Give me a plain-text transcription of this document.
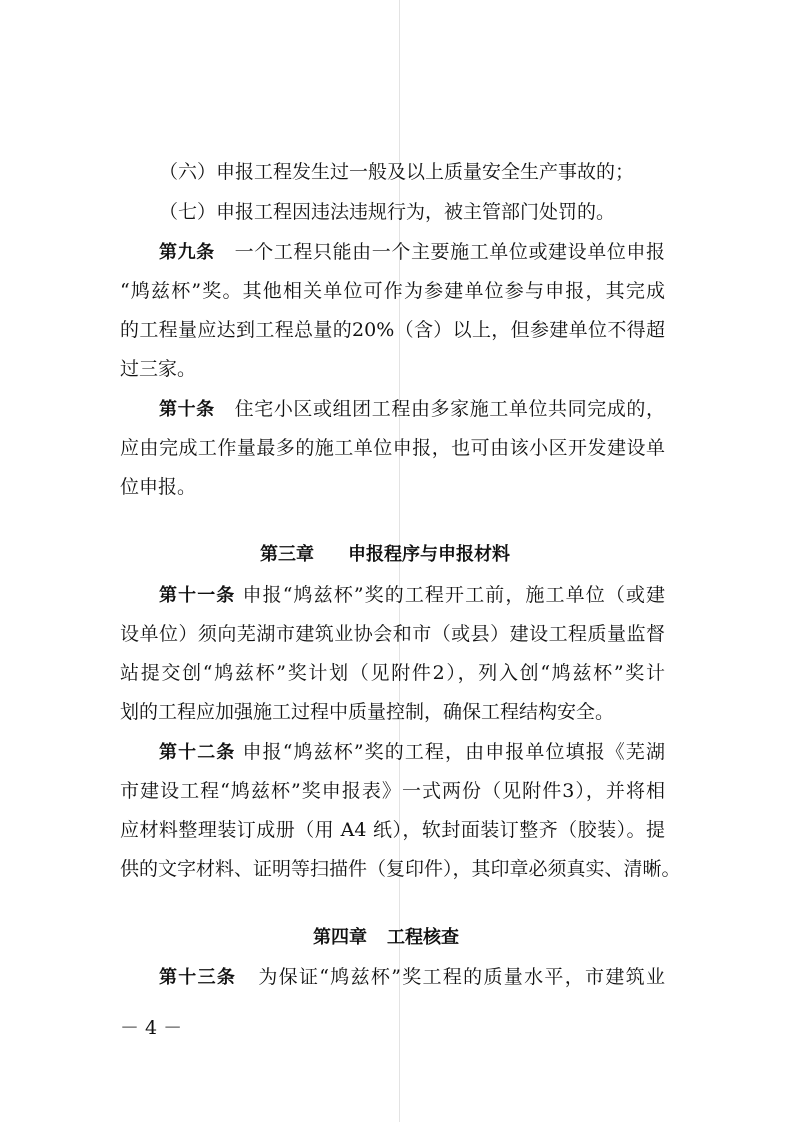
（六）申报工程发生过一般及以上质量安全生产事故的；
（七）申报工程因违法违规行为，被主管部门处罚的。
第九条 一个工程只能由一个主要施工单位或建设单位申报
“鸠兹杯”奖。其他相关单位可作为参建单位参与申报，其完成
的工程量应达到工程总量的20%（含）以上，但参建单位不得超
过三家。
第十条 住宅小区或组团工程由多家施工单位共同完成的，
应由完成工作量最多的施工单位申报，也可由该小区开发建设单
位申报。
第三章 申报程序与申报材料
第十一条 申报“鸠兹杯”奖的工程开工前，施工单位（或建
设单位）须向芜湖市建筑业协会和市（或县）建设工程质量监督
站提交创“鸠兹杯”奖计划（见附件2），列入创“鸠兹杯”奖计
划的工程应加强施工过程中质量控制，确保工程结构安全。
第十二条 申报“鸠兹杯”奖的工程，由申报单位填报《芜湖
市建设工程“鸠兹杯”奖申报表》一式两份（见附件3），并将相
应材料整理装订成册（用 A4 纸），软封面装订整齐（胶装）。提
供的文字材料、证明等扫描件（复印件），其印章必须真实、清晰。
第四章 工程核查
第十三条 为保证“鸠兹杯”奖工程的质量水平，市建筑业
－ 4 －
